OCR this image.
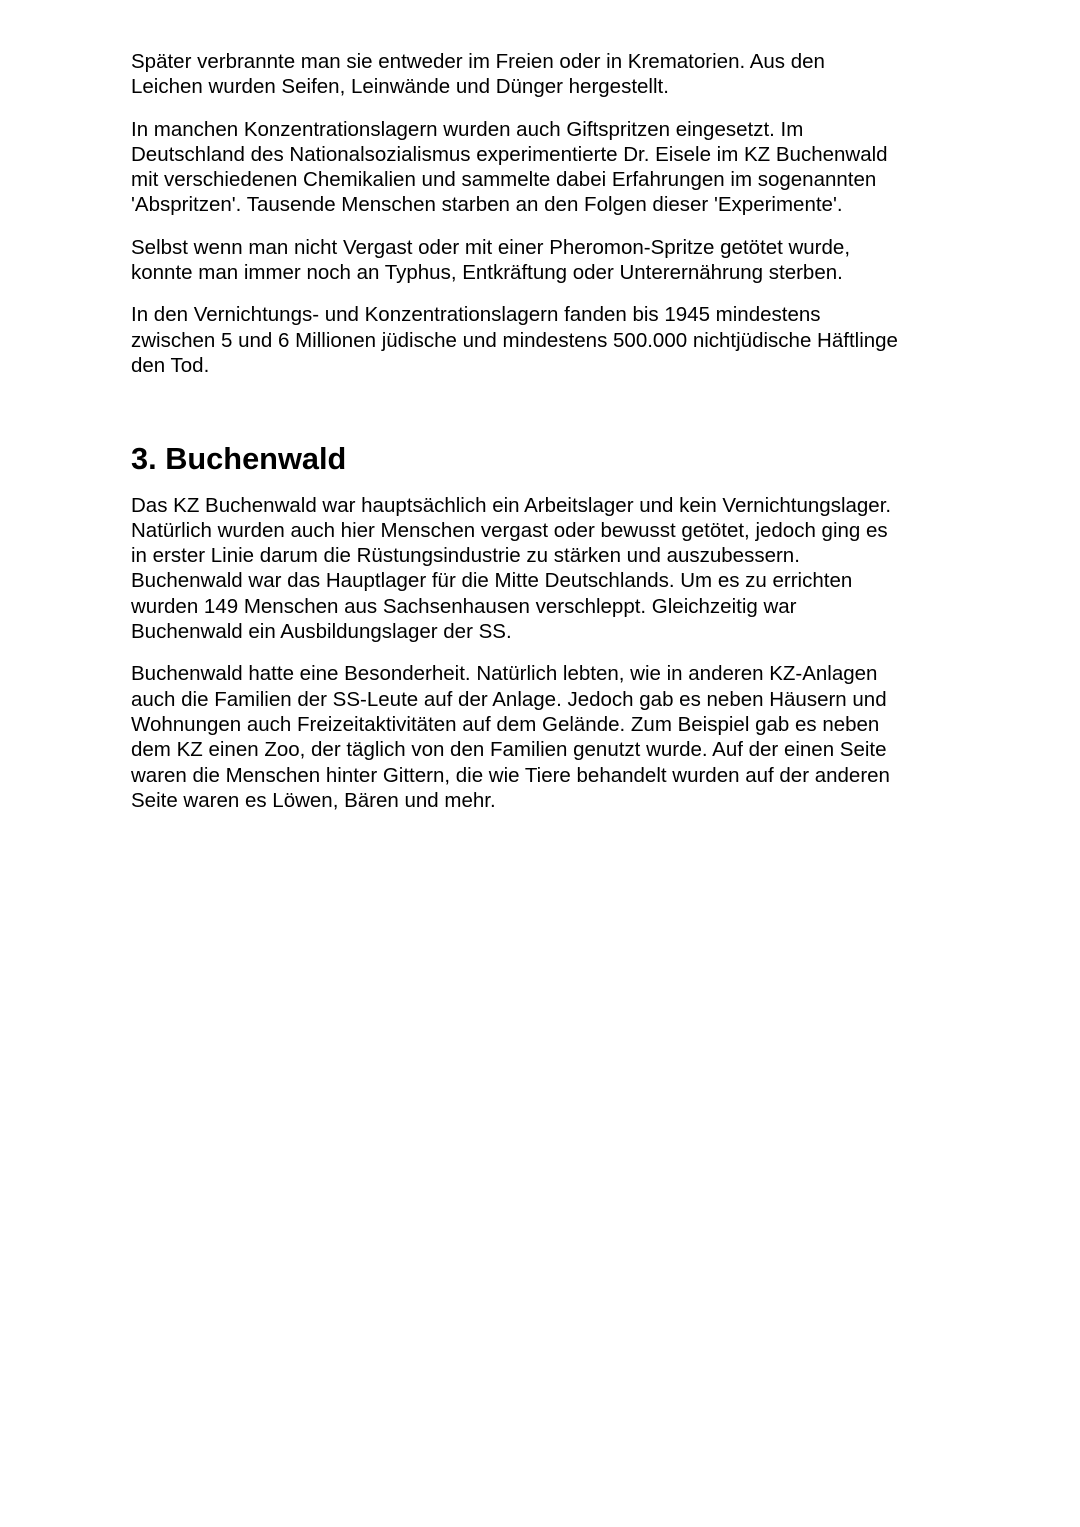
Später verbrannte man sie entweder im Freien oder in Krematorien. Aus den
Leichen wurden Seifen, Leinwände und Dünger hergestellt.

In manchen Konzentrationslagern wurden auch Giftspritzen eingesetzt. Im
Deutschland des Nationalsozialismus experimentierte Dr. Eisele im KZ Buchenwald
mit verschiedenen Chemikalien und sammelte dabei Erfahrungen im sogenannten
'Abspritzen'. Tausende Menschen starben an den Folgen dieser 'Experimente'.

Selbst wenn man nicht Vergast oder mit einer Pheromon-Spritze getötet wurde,
konnte man immer noch an Typhus, Entkräftung oder Unterernährung sterben.

In den Vernichtungs- und Konzentrationslagern fanden bis 1945 mindestens
zwischen 5 und 6 Millionen jüdische und mindestens 500.000 nichtjüdische Häftlinge
den Tod.

3. Buchenwald

Das KZ Buchenwald war hauptsächlich ein Arbeitslager und kein Vernichtungslager.
Natürlich wurden auch hier Menschen vergast oder bewusst getötet, jedoch ging es
in erster Linie darum die Rüstungsindustrie zu stärken und auszubessern.
Buchenwald war das Hauptlager für die Mitte Deutschlands. Um es zu errichten
wurden 149 Menschen aus Sachsenhausen verschleppt. Gleichzeitig war
Buchenwald ein Ausbildungslager der SS.

Buchenwald hatte eine Besonderheit. Natürlich lebten, wie in anderen KZ-Anlagen
auch die Familien der SS-Leute auf der Anlage. Jedoch gab es neben Häusern und
Wohnungen auch Freizeitaktivitäten auf dem Gelände. Zum Beispiel gab es neben
dem KZ einen Zoo, der täglich von den Familien genutzt wurde. Auf der einen Seite
waren die Menschen hinter Gittern, die wie Tiere behandelt wurden auf der anderen
Seite waren es Löwen, Bären und mehr.
